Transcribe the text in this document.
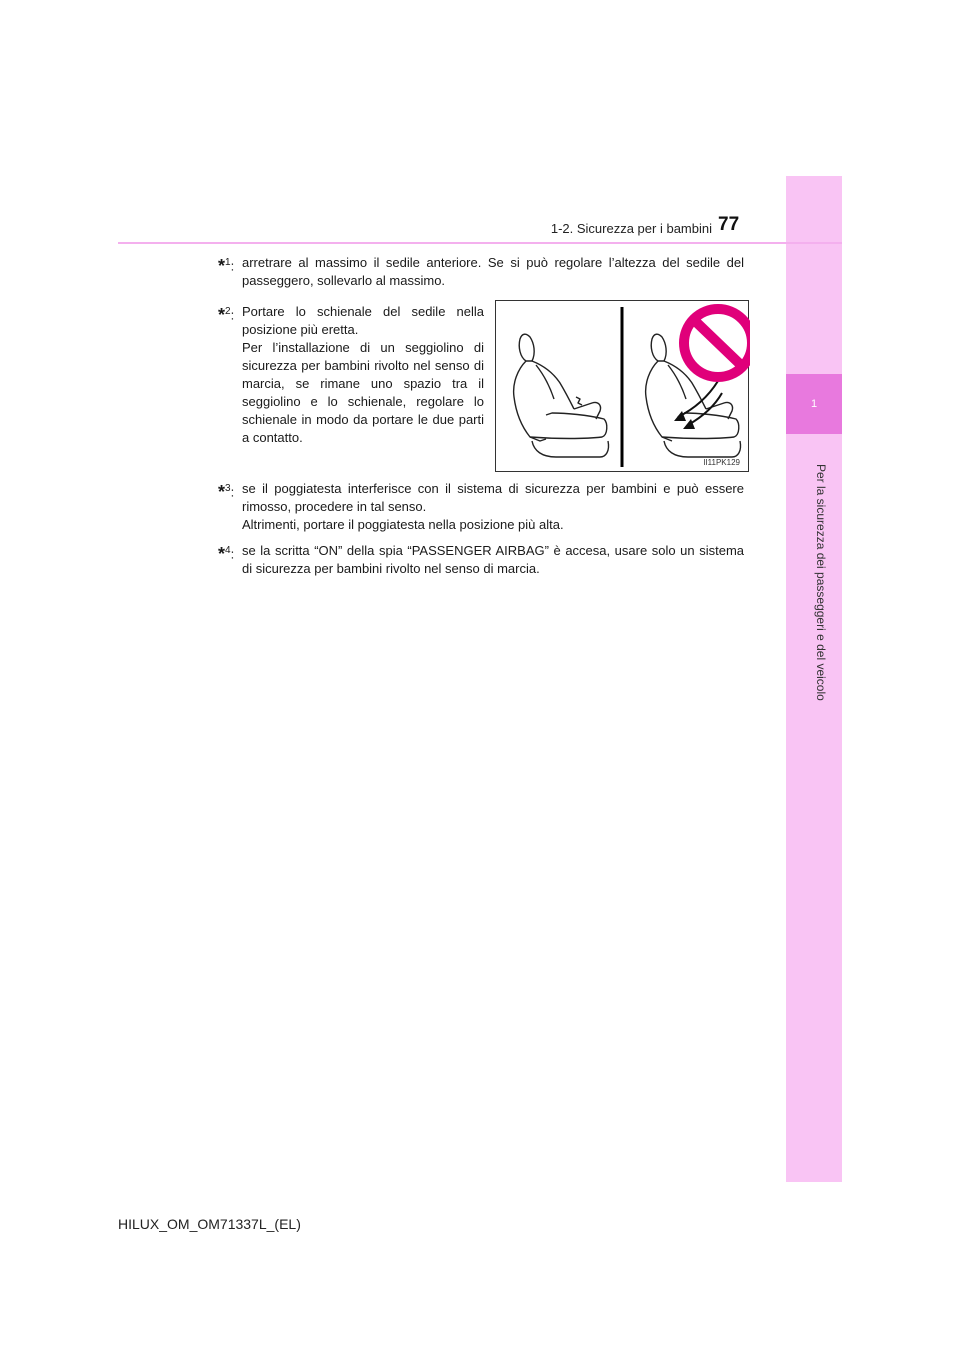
1
Per la sicurezza dei passeggeri e del veicolo
1-2. Sicurezza per i bambini 77
*$^1$: arretrare al massimo il sedile anteriore. Se si può regolare l’altezza del sedile del passeggero, sollevarlo al massimo.

*$^2$: Portare lo schienale del sedile nella posizione più eretta.

Per l’installazione di un seggiolino di sicurezza per bambini rivolto nel senso di marcia, se rimane uno spazio tra il seggiolino e lo schienale, regolare lo schienale in modo da portare le due parti a contatto.

II11PK129
*$^3$: se il poggiatesta interferisce con il sistema di sicurezza per bambini e può essere rimosso, procedere in tal senso.

Altrimenti, portare il poggiatesta nella posizione più alta.

*$^4$: se la scritta “ON” della spia “PASSENGER AIRBAG” è accesa, usare solo un sistema di sicurezza per bambini rivolto nel senso di marcia.

HILUX_OM_OM71337L_(EL)
